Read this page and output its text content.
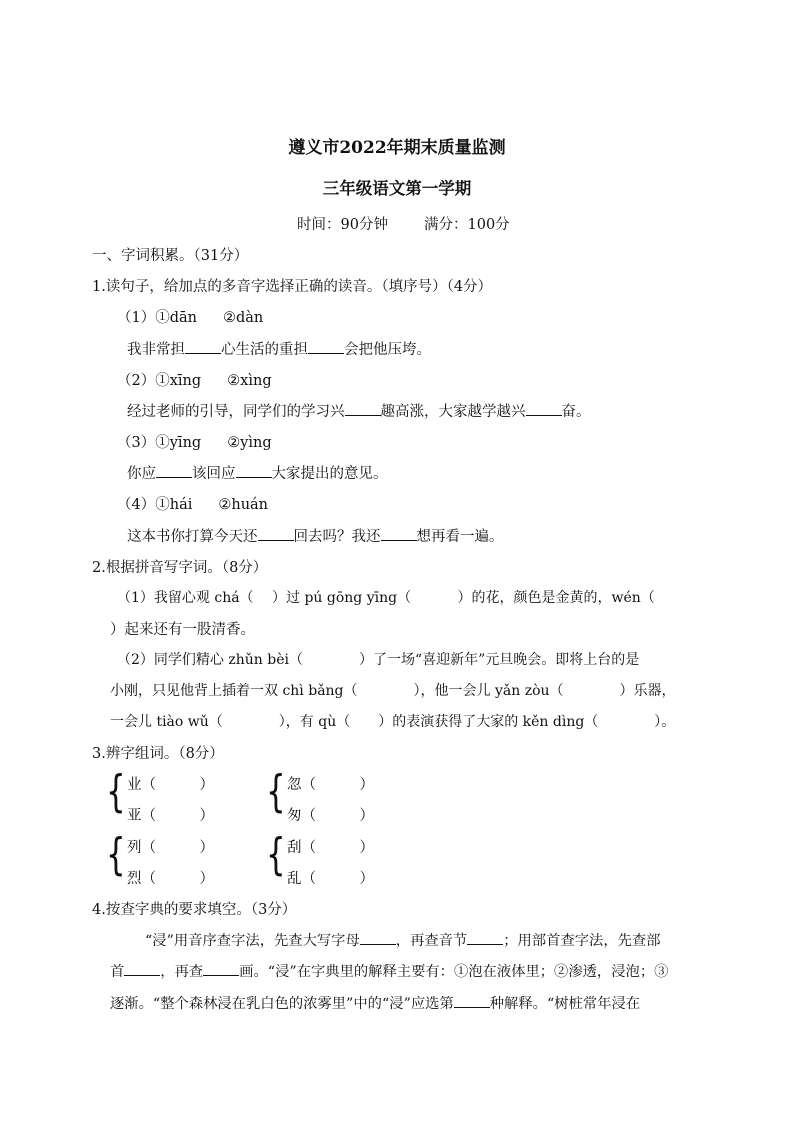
遵义市2022年期末质量监测
三年级语文第一学期
时间：90分钟 满分：100分
一、字词积累。（31分）
1.读句子，给加点的多音字选择正确的读音。（填序号）（4分）
（1）①dān ②dàn
我非常担 心生活的重担 会把他压垮。
（2）①xīng ②xìng
经过老师的引导，同学们的学习兴 趣高涨，大家越学越兴 奋。
（3）①yīng ②yìng
你应 该回应 大家提出的意见。
（4）①hái ②huán
这本书你打算今天还 回去吗？我还 想再看一遍。
2.根据拼音写字词。（8分）
（1）我留心观 chá（　 ）过 pú gōng yīng（　　　 ）的花，颜色是金黄的，wén（
）起来还有一股清香。
（2）同学们精心 zhǔn bèi（　　　　）了一场“喜迎新年”元旦晚会。即将上台的是
小刚，只见他背上插着一双 chì bǎng（　　　　），他一会儿 yǎn zòu（　　　　）乐器，
一会儿 tiào wǔ（　　　　），有 qù（　　）的表演获得了大家的 kěn dìng（　　　　）。
3.辨字组词。（8分）
{ 业（　　　）
亚（　　　） { 忽（　　　）
匆（　　　）
{ 列（　　　）
烈（　　　） { 刮（　　　）
乱（　　　）
4.按查字典的要求填空。（3分）
“浸”用音序查字法，先查大写字母	，再查音节	；用部首查字法，先查部
首	，再查	画。“浸”在字典里的解释主要有：①泡在液体里；②渗透，浸泡；③
逐渐。“整个森林浸在乳白色的浓雾里”中的“浸”应选第	种解释。“树桩常年浸在
